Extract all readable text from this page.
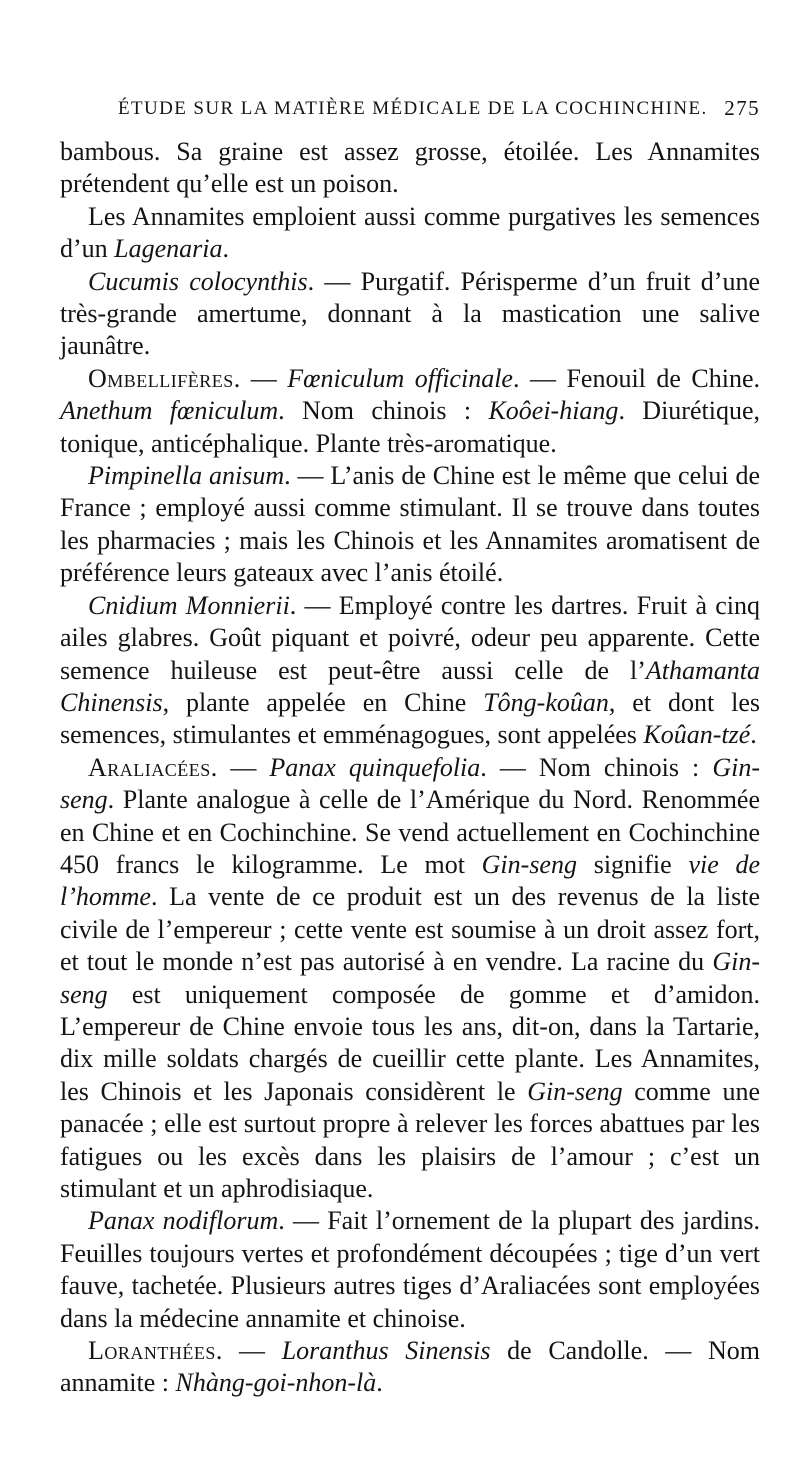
ÉTUDE SUR LA MATIÈRE MÉDICALE DE LA COCHINCHINE. 275

bambous. Sa graine est assez grosse, étoilée. Les Annamites prétendent qu’elle est un poison.

Les Annamites emploient aussi comme purgatives les semences d’un Lagenaria.

Cucumis colocynthis. — Purgatif. Périsperme d’un fruit d’une très-grande amertume, donnant à la mastication une salive jaunâtre.

Ombellifères. — Fœniculum officinale. — Fenouil de Chine. Anethum fœniculum. Nom chinois : Koôei-hiang. Diurétique, tonique, anticéphalique. Plante très-aromatique.

Pimpinella anisum. — L’anis de Chine est le même que celui de France ; employé aussi comme stimulant. Il se trouve dans toutes les pharmacies ; mais les Chinois et les Annamites aromatisent de préférence leurs gateaux avec l’anis étoilé.

Cnidium Monnierii. — Employé contre les dartres. Fruit à cinq ailes glabres. Goût piquant et poivré, odeur peu apparente. Cette semence huileuse est peut-être aussi celle de l’Athamanta Chinensis, plante appelée en Chine Tông-koûan, et dont les semences, stimulantes et emménagogues, sont appelées Koûan-tzé.

Araliacées. — Panax quinquefolia. — Nom chinois : Gin-seng. Plante analogue à celle de l’Amérique du Nord. Renommée en Chine et en Cochinchine. Se vend actuellement en Cochinchine 450 francs le kilogramme. Le mot Gin-seng signifie vie de l’homme. La vente de ce produit est un des revenus de la liste civile de l’empereur ; cette vente est soumise à un droit assez fort, et tout le monde n’est pas autorisé à en vendre. La racine du Gin-seng est uniquement composée de gomme et d’amidon. L’empereur de Chine envoie tous les ans, dit-on, dans la Tartarie, dix mille soldats chargés de cueillir cette plante. Les Annamites, les Chinois et les Japonais considèrent le Gin-seng comme une panacée ; elle est surtout propre à relever les forces abattues par les fatigues ou les excès dans les plaisirs de l’amour ; c’est un stimulant et un aphrodisiaque.

Panax nodiflorum. — Fait l’ornement de la plupart des jardins. Feuilles toujours vertes et profondément découpées ; tige d’un vert fauve, tachetée. Plusieurs autres tiges d’Araliacées sont employées dans la médecine annamite et chinoise.

Loranthées. — Loranthus Sinensis de Candolle. — Nom annamite : Nhàng-goi-nhon-là.
